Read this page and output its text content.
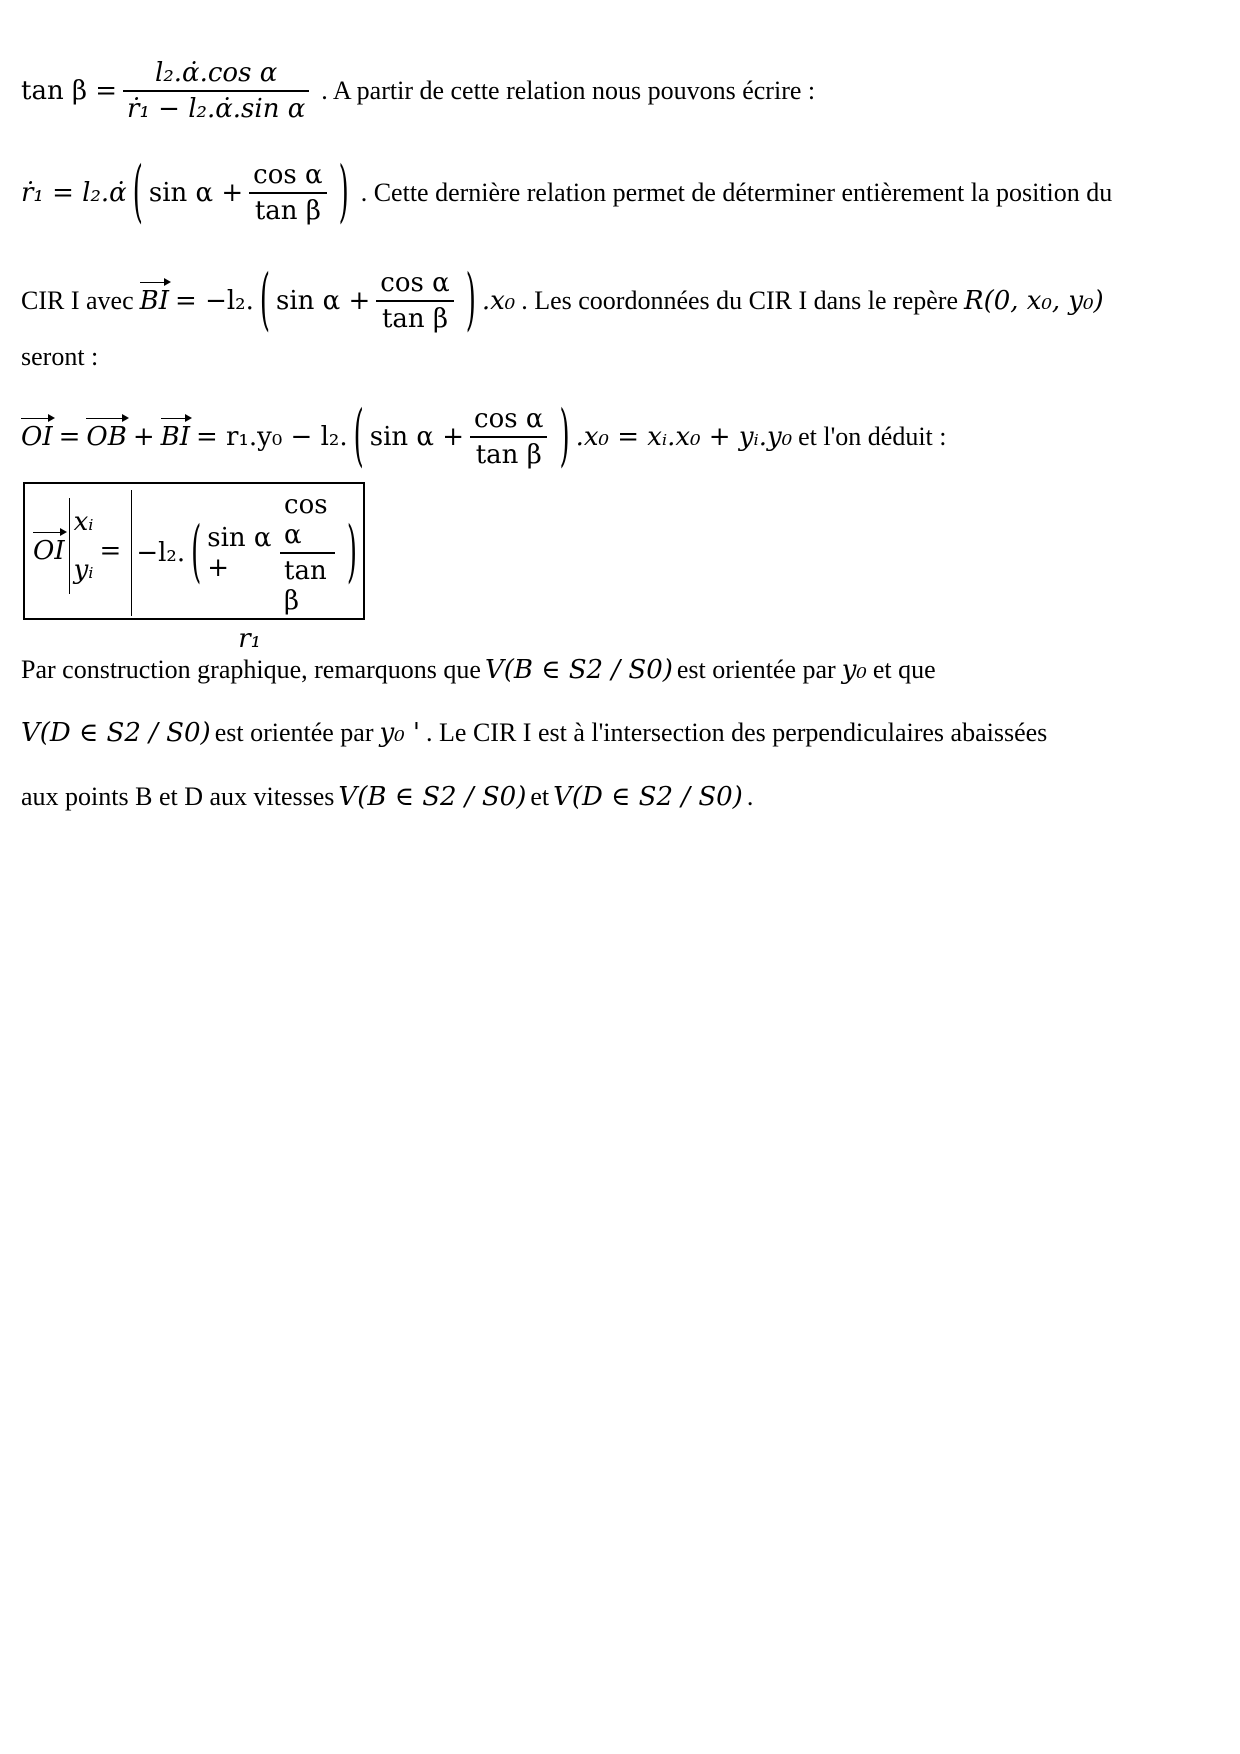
$\tan \beta = \frac{\text{l₂.α̇.cos α}}{\text{ṙ₁ − l₂.α̇.sin α}}$ . A partir de cette relation nous pouvons écrire :
ṙ₁ = l₂.α̇ ( $\sin \alpha + \frac{\text{cos α}}{\text{tan β}}$ ) . Cette dernière relation permet de déterminer entièrement la position du
CIR I avec BI = −l₂. ( $\sin \alpha + \frac{\text{cos α}}{\text{tan β}}$ ) .x₀ . Les coordonnées du CIR I dans le repère R(0, x₀, y₀)
seront :
OI = OB + BI = r₁.y₀ − l₂. ( $\sin \alpha + \frac{\text{cos α}}{\text{tan β}}$ ) .x₀ = xᵢ.x₀ + yᵢ.y₀ et l'on déduit :
OI
xᵢ
yᵢ
= −l₂. ( sin α +	$\frac{\text{cos α}}{\text{tan β}}$ )
r₁
Par construction graphique, remarquons que V(B ∈ S2 / S0) est orientée par y₀ et que
V(D ∈ S2 / S0) est orientée par y₀ ' . Le CIR I est à l'intersection des perpendiculaires abaissées
aux points B et D aux vitesses V(B ∈ S2 / S0) et V(D ∈ S2 / S0) .
